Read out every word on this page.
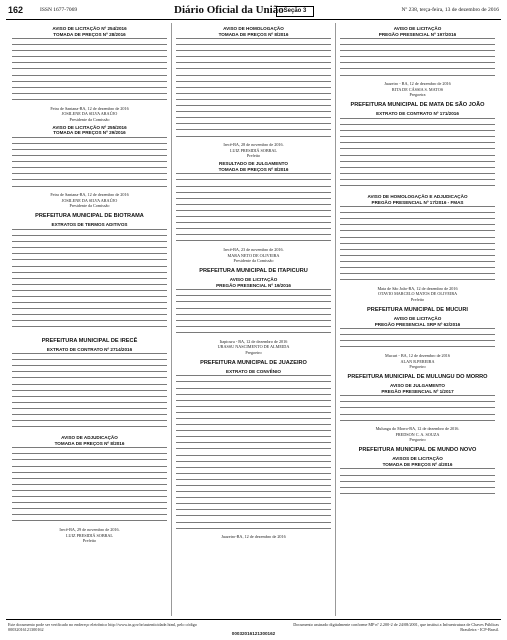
162	ISSN 1677-7069	Diário Oficial da União Seção 3	Nº 238, terça-feira, 13 de dezembro de 2016
AVISO DE LICITAÇÃO Nº 254/2016
TOMADA DE PREÇOS Nº 28/2016
Feira de Santana-BA, 12 de dezembro de 2016
JOSILENE DA SILVA ARAÚJO
Presidente da Comissão
AVISO DE LICITAÇÃO Nº 255/2016
TOMADA DE PREÇOS Nº 29/2016
Feira de Santana-BA, 12 de dezembro de 2016
JOSILENE DA SILVA ARAÚJO
Presidente da Comissão
PREFEITURA MUNICIPAL DE BIOTRAMA
EXTRATOS DE TERMOS ADITIVOS
PREFEITURA MUNICIPAL DE IRECÊ
EXTRATO DE CONTRATO Nº 2714/2016
AVISO DE ADJUDICAÇÃO
TOMADA DE PREÇOS Nº 8/2016
Irecê-BA, 29 de novembro de 2016.
LUIZ PRESIDIÁ SOBRAL
Prefeito
AVISO DE HOMOLOGAÇÃO
TOMADA DE PREÇOS Nº 8/2016
Irecê-BA, 28 de novembro de 2016.
LUIZ PRESIDIÁ SOBRAL
Prefeito
RESULTADO DE JULGAMENTO
TOMADA DE PREÇOS Nº 8/2016
Irecê-BA, 23 de novembro de 2016.
MARA NETO DE OLIVEIRA
Presidente da Comissão
PREFEITURA MUNICIPAL DE ITAPICURU
AVISO DE LICITAÇÃO
PREGÃO PRESENCIAL Nº 19/2016
Itapicuru - BA, 12 de dezembro de 2016
URASSU NASCIMENTO DE ALMEIDA
Pregoeiro
PREFEITURA MUNICIPAL DE JUAZEIRO
EXTRATO DE CONVÊNIO
Juazeiro-BA, 12 de dezembro de 2016
AVISO DE LICITAÇÃO
PREGÃO PRESENCIAL Nº 197/2016
Juazeiro - BA, 12 de dezembro de 2016
RITA DE CÁSSIA S. MATOS
Pregoeira
PREFEITURA MUNICIPAL DE MATA DE SÃO JOÃO
EXTRATO DE CONTRATO Nº 171/2016
AVISO DE HOMOLOGAÇÃO E ADJUDICAÇÃO
PREGÃO PRESENCIAL Nº 17/2016 - FMAS
Mata de São João-BA, 12 de dezembro de 2016
OTAVIO MARCELO MATOS DE OLIVEIRA
Prefeito
PREFEITURA MUNICIPAL DE MUCURI
AVISO DE LICITAÇÃO
PREGÃO PRESENCIAL SRP Nº 62/2016
Mucuri - BA, 12 de dezembro de 2016
ALAN R.PEREIRA
Pregoeiro
PREFEITURA MUNICIPAL DE MULUNGU DO MORRO
AVISO DE JULGAMENTO
PREGÃO PRESENCIAL Nº 1/2017
Mulungu do Morro-BA, 12 de dezembro de 2016.
FREDSON C. A. SOUZA
Pregoeiro
PREFEITURA MUNICIPAL DE MUNDO NOVO
AVISOS DE LICITAÇÃO
TOMADA DE PREÇOS Nº 4/2016
Este documento pode ser verificado no endereço eletrônico http://www.in.gov.br/autenticidade.html, pelo código 00032016121300162
00032016121300162
Documento assinado digitalmente conforme MP nº 2.200-2 de 24/08/2001, que institui a Infraestrutura de Chaves Públicas Brasileira - ICP-Brasil.
